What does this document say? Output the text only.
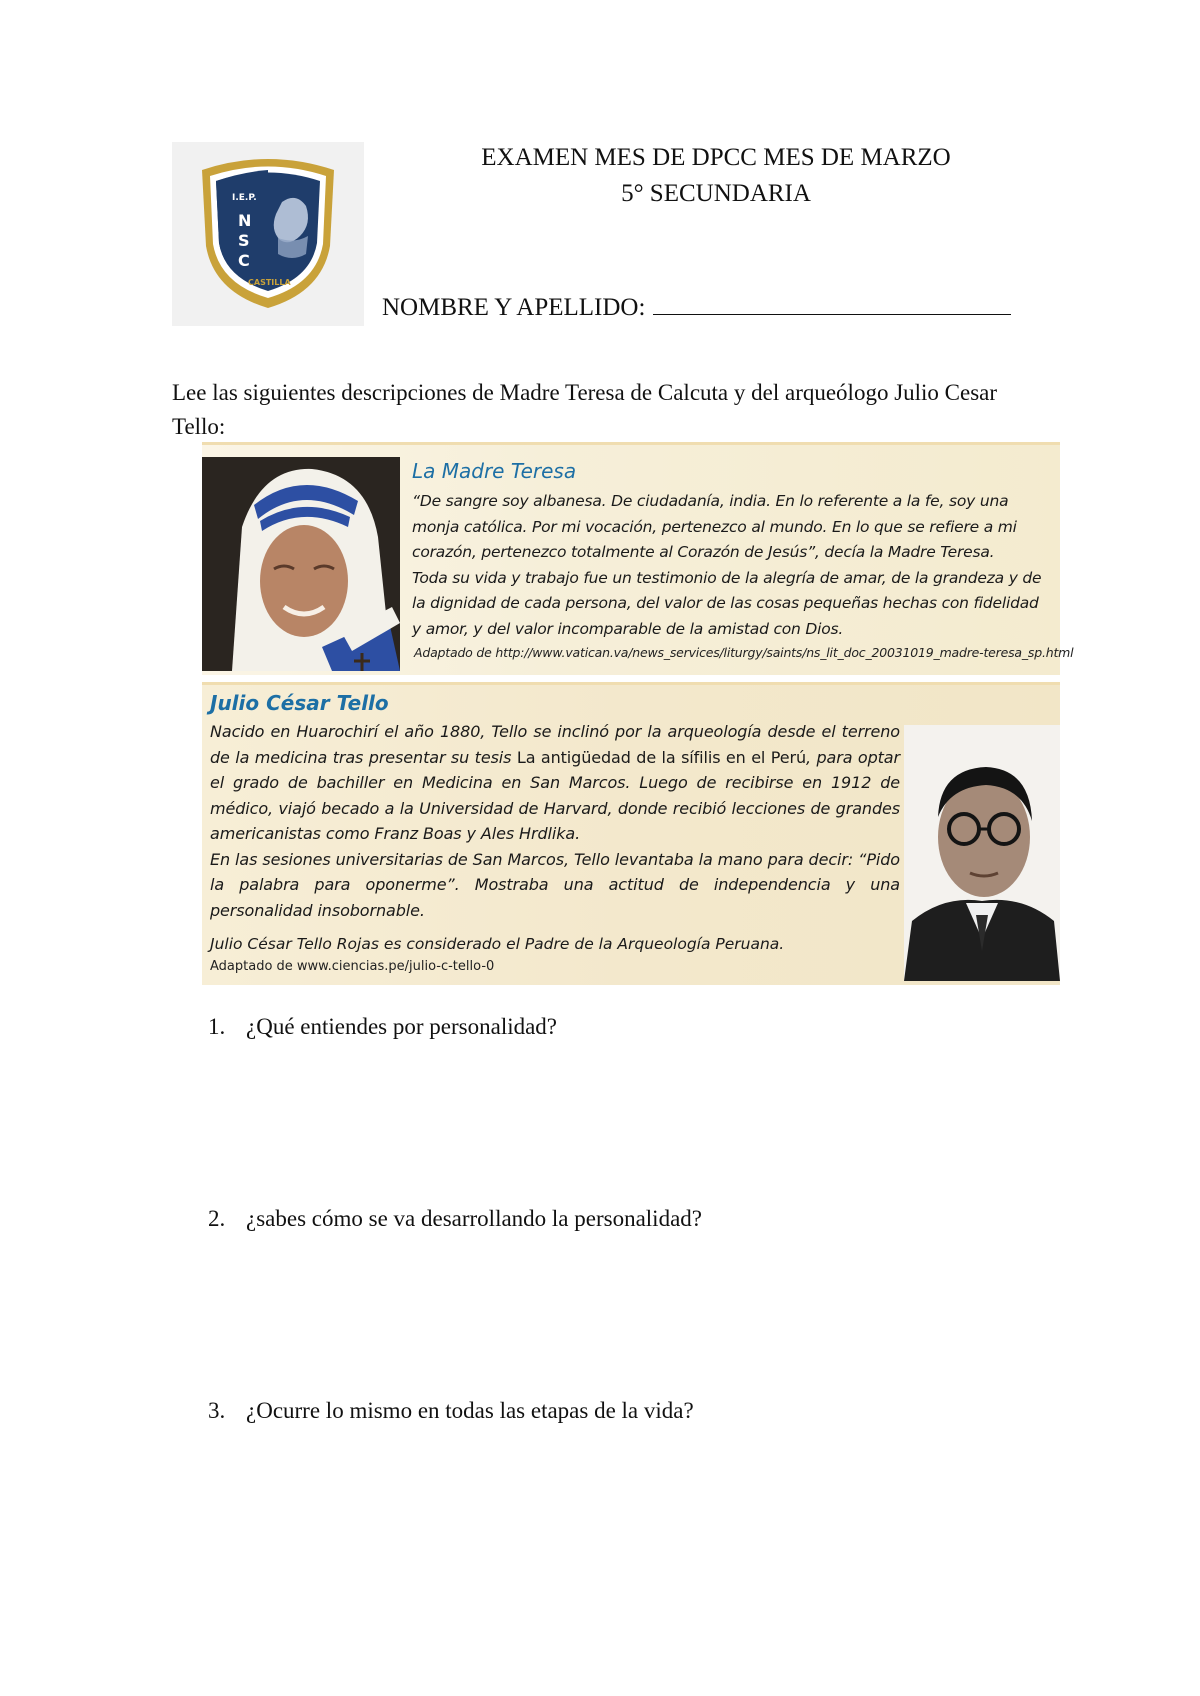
I.E.P.
N
S
C
CASTILLA
EXAMEN MES DE DPCC MES DE MARZO
5° SECUNDARIA
NOMBRE Y APELLIDO:
Lee las siguientes descripciones de Madre Teresa de Calcuta y del arqueólogo Julio Cesar Tello:
La Madre Teresa

“De sangre soy albanesa. De ciudadanía, india. En lo referente a la fe, soy una monja católica. Por mi vocación, pertenezco al mundo. En lo que se refiere a mi corazón, pertenezco totalmente al Corazón de Jesús”, decía la Madre Teresa.

Toda su vida y trabajo fue un testimonio de la alegría de amar, de la grandeza y de la dignidad de cada persona, del valor de las cosas pequeñas hechas con fidelidad y amor, y del valor incomparable de la amistad con Dios.

Adaptado de http://www.vatican.va/news_services/liturgy/saints/ns_lit_doc_20031019_madre-teresa_sp.html
Julio César Tello

Nacido en Huarochirí el año 1880, Tello se inclinó por la arqueología desde el terreno de la medicina tras presentar su tesis La antigüedad de la sífilis en el Perú, para optar el grado de bachiller en Medicina en San Marcos. Luego de recibirse en 1912 de médico, viajó becado a la Universidad de Harvard, donde recibió lecciones de grandes americanistas como Franz Boas y Ales Hrdlika.

En las sesiones universitarias de San Marcos, Tello levantaba la mano para decir: “Pido la palabra para oponerme”. Mostraba una actitud de independencia y una personalidad insobornable.

Julio César Tello Rojas es considerado el Padre de la Arqueología Peruana.
Adaptado de www.ciencias.pe/julio-c-tello-0
1. ¿Qué entiendes por personalidad?
2. ¿sabes cómo se va desarrollando la personalidad?
3. ¿Ocurre lo mismo en todas las etapas de la vida?
